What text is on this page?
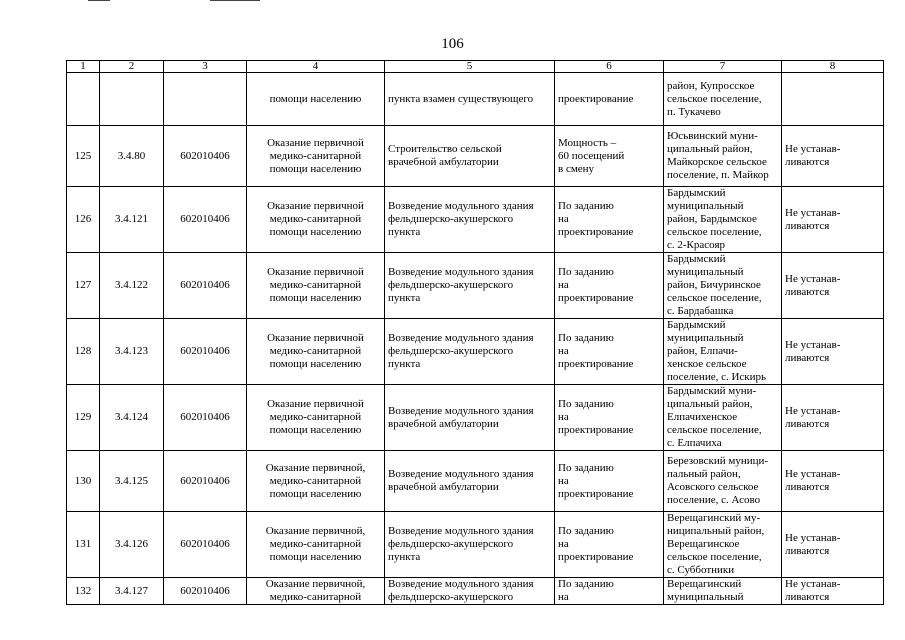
106
1	2	3	4	5	6	7	8

			помощи населению	пункта взамен существующего	проектирование	район, Купросское
сельское поселение,
п. Тукачево	

125	3.4.80	602010406	Оказание первичной
медико-санитарной
помощи населению	Строительство сельской
врачебной амбулатории	Мощность –
60 посещений
в смену	Юсьвинский муни-
ципальный район,
Майкорское сельское
поселение, п. Майкор	Не устанав-
ливаются

126	3.4.121	602010406	Оказание первичной
медико-санитарной
помощи населению	Возведение модульного здания
фельдшерско-акушерского
пункта	По заданию
на
проектирование	Бардымский
муниципальный
район, Бардымское
сельское поселение,
с. 2-Красояр	Не устанав-
ливаются

127	3.4.122	602010406	Оказание первичной
медико-санитарной
помощи населению	Возведение модульного здания
фельдшерско-акушерского
пункта	По заданию
на
проектирование	Бардымский
муниципальный
район, Бичуринское
сельское поселение,
с. Бардабашка	Не устанав-
ливаются

128	3.4.123	602010406	Оказание первичной
медико-санитарной
помощи населению	Возведение модульного здания
фельдшерско-акушерского
пункта	По заданию
на
проектирование	Бардымский
муниципальный
район, Елпачи-
хенское сельское
поселение, с. Искирь	Не устанав-
ливаются

129	3.4.124	602010406	Оказание первичной
медико-санитарной
помощи населению	Возведение модульного здания
врачебной амбулатории	По заданию
на
проектирование	Бардымский муни-
ципальный район,
Елпачихенское
сельское поселение,
с. Елпачиха	Не устанав-
ливаются

130	3.4.125	602010406	Оказание первичной,
медико-санитарной
помощи населению	Возведение модульного здания
врачебной амбулатории	По заданию
на
проектирование	Березовский муници-
пальный район,
Асовского сельское
поселение, с. Асово	Не устанав-
ливаются

131	3.4.126	602010406	Оказание первичной,
медико-санитарной
помощи населению	Возведение модульного здания
фельдшерско-акушерского
пункта	По заданию
на
проектирование	Верещагинский му-
ниципальный район,
Верещагинское
сельское поселение,
с. Субботники	Не устанав-
ливаются

132	3.4.127	602010406	Оказание первичной,
медико-санитарной	Возведение модульного здания
фельдшерско-акушерского	По заданию
на	Верещагинский
муниципальный	Не устанав-
ливаются
